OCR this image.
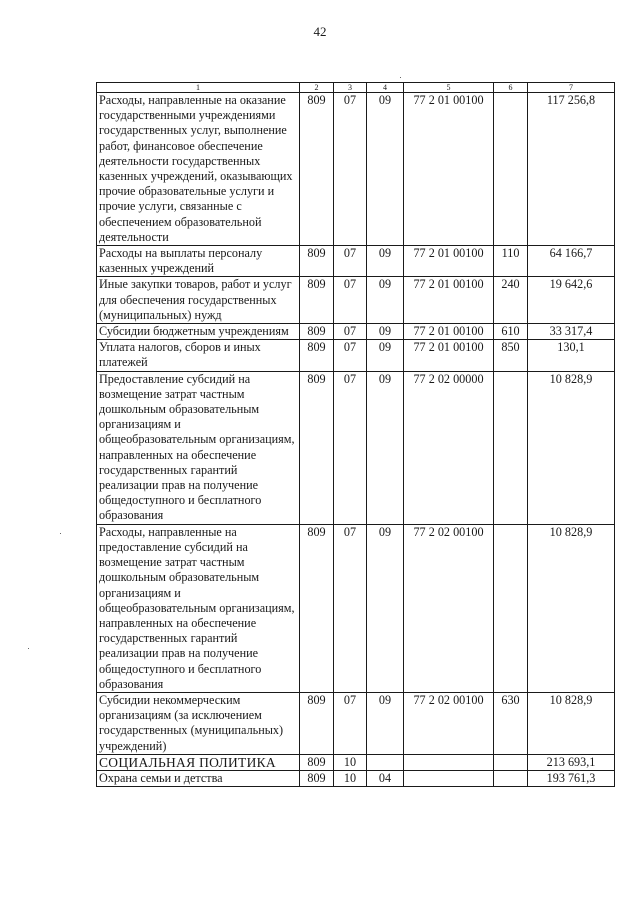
42
1	2	3	4	5	6	7
Расходы, направленные на оказание государственными учреждениями государственных услуг, выполнение работ, финансовое обеспечение деятельности государственных казенных учреждений, оказывающих прочие образовательные услуги и прочие услуги, связанные с обеспечением образовательной деятельности	809	07	09	77 2 01 00100		117 256,8
Расходы на выплаты персоналу казенных учреждений	809	07	09	77 2 01 00100	110	64 166,7
Иные закупки товаров, работ и услуг для обеспечения государственных (муниципальных) нужд	809	07	09	77 2 01 00100	240	19 642,6
Субсидии бюджетным учреждениям	809	07	09	77 2 01 00100	610	33 317,4
Уплата налогов, сборов и иных платежей	809	07	09	77 2 01 00100	850	130,1
Предоставление субсидий на возмещение затрат частным дошкольным образовательным организациям и общеобразовательным организациям, направленных на обеспечение государственных гарантий реализации прав на получение общедоступного и бесплатного образования	809	07	09	77 2 02 00000		10 828,9
Расходы, направленные на предоставление субсидий на возмещение затрат частным дошкольным образовательным организациям и общеобразовательным организациям, направленных на обеспечение государственных гарантий реализации прав на получение общедоступного и бесплатного образования	809	07	09	77 2 02 00100		10 828,9
Субсидии некоммерческим организациям (за исключением государственных (муниципальных) учреждений)	809	07	09	77 2 02 00100	630	10 828,9
СОЦИАЛЬНАЯ ПОЛИТИКА	809	10				213 693,1
Охрана семьи и детства	809	10	04			193 761,3
